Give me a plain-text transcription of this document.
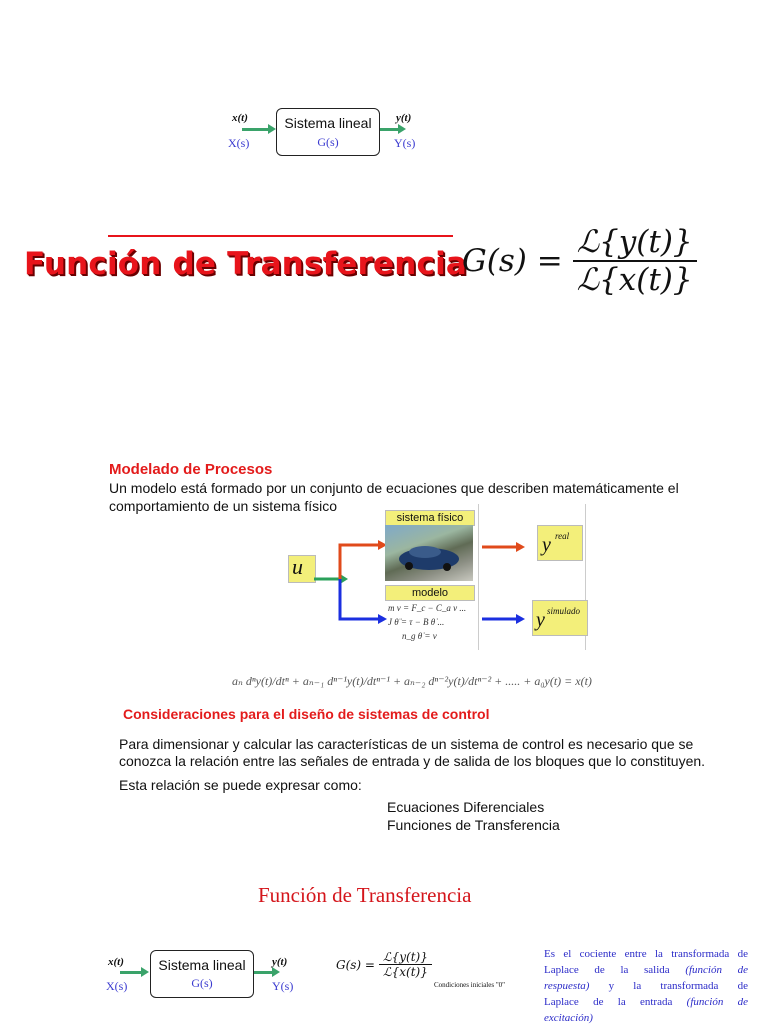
x(t)
X(s)
Sistema lineal
G(s)
y(t)
Y(s)
Función de Transferencia
$G(s) = \frac{\text{ℒ\{y(t)\}}}{\text{ℒ\{x(t)\}}}$
Modelado de Procesos
Un modelo está formado por un conjunto de ecuaciones que describen matemáticamente el
comportamiento de un sistema físico
u
sistema físico
modelo
m v = F_c − C_a v ...
J θ̈ = τ − B θ̇ ...
n_g θ̇ = v
y real
y simulado
aₙ dⁿy(t)/dtⁿ + aₙ₋₁ dⁿ⁻¹y(t)/dtⁿ⁻¹ + aₙ₋₂ dⁿ⁻²y(t)/dtⁿ⁻² + ..... + a₀y(t) = x(t)
Consideraciones para el diseño de sistemas de control
Para dimensionar y calcular las características de un sistema de control es necesario que se
conozca la relación entre las señales de entrada y de salida de los bloques que lo constituyen.
Esta relación se puede expresar como:
Ecuaciones Diferenciales
Funciones de Transferencia
Función de Transferencia
x(t)
X(s)
Sistema lineal
G(s)
y(t)
Y(s)
$G(s) = \frac{\text{ℒ\{y(t)\}}}{\text{ℒ\{x(t)\}}}$
Condiciones iniciales "0"
Es el cociente entre la transformada de
Laplace de la salida (función de
respuesta) y la transformada de
Laplace de la entrada (función de
excitación)
